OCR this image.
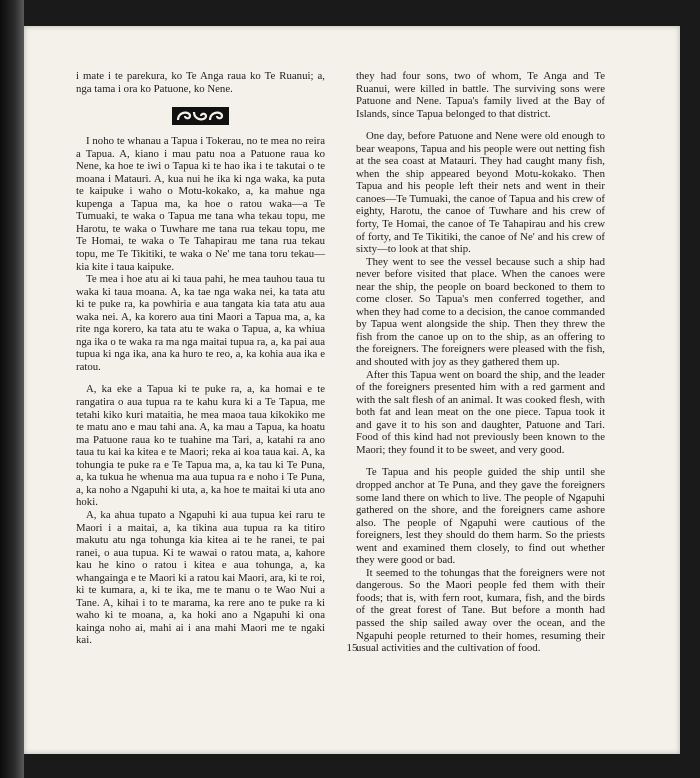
i mate i te parekura, ko Te Anga raua ko Te Ruanui; a, nga tama i ora ko Patuone, ko Nene.

I noho te whanau a Tapua i Tokerau, no te mea no reira a Tapua. A, kiano i mau patu noa a Patuone raua ko Nene, ka hoe te iwi o Tapua ki te hao ika i te takutai o te moana i Matauri. A, kua nui he ika ki nga waka, ka puta te kaipuke i waho o Motu-kokako, a, ka mahue nga kupenga a Tapua ma, ka hoe o ratou waka—a Te Tumuaki, te waka o Tapua me tana wha tekau topu, me Harotu, te waka o Tuwhare me tana rua tekau topu, me Te Homai, te waka o Te Tahapirau me tana rua tekau topu, me Te Tikitiki, te waka o Ne' me tana toru tekau—kia kite i taua kaipuke.

Te mea i hoe atu ai ki taua pahi, he mea tauhou taua tu waka ki taua moana. A, ka tae nga waka nei, ka tata atu ki te puke ra, ka powhiria e aua tangata kia tata atu aua waka nei. A, ka korero aua tini Maori a Tapua ma, a, ka rite nga korero, ka tata atu te waka o Tapua, a, ka whiua nga ika o te waka ra ma nga maitai tupua ra, a, ka pai aua tupua ki nga ika, ana ka huro te reo, a, ka kohia aua ika e ratou.

A, ka eke a Tapua ki te puke ra, a, ka homai e te rangatira o aua tupua ra te kahu kura ki a Te Tapua, me tetahi kiko kuri mataitia, he mea maoa taua kikokiko me te matu ano e mau tahi ana. A, ka mau a Tapua, ka hoatu ma Patuone raua ko te tuahine ma Tari, a, katahi ra ano taua tu kai ka kitea e te Maori; reka ai koa taua kai. A, ka tohungia te puke ra e Te Tapua ma, a, ka tau ki Te Puna, a, ka tukua he whenua ma aua tupua ra e noho i Te Puna, a, ka noho a Ngapuhi ki uta, a, ka hoe te maitai ki uta ano hoki.

A, ka ahua tupato a Ngapuhi ki aua tupua kei raru te Maori i a maitai, a, ka tikina aua tupua ra ka titiro makutu atu nga tohunga kia kitea ai te he ranei, te pai ranei, o aua tupua. Ki te wawai o ratou mata, a, kahore kau he kino o ratou i kitea e aua tohunga, a, ka whangainga e te Maori ki a ratou kai Maori, ara, ki te roi, ki te kumara, a, ki te ika, me te manu o te Wao Nui a Tane. A, kihai i to te marama, ka rere ano te puke ra ki waho ki te moana, a, ka hoki ano a Ngapuhi ki ona kainga noho ai, mahi ai i ana mahi Maori me te ngaki kai.

they had four sons, two of whom, Te Anga and Te Ruanui, were killed in battle. The surviving sons were Patuone and Nene. Tapua's family lived at the Bay of Islands, since Tapua belonged to that district.

One day, before Patuone and Nene were old enough to bear weapons, Tapua and his people were out netting fish at the sea coast at Matauri. They had caught many fish, when the ship appeared beyond Motu-kokako. Then Tapua and his people left their nets and went in their canoes—Te Tumuaki, the canoe of Tapua and his crew of eighty, Harotu, the canoe of Tuwhare and his crew of forty, Te Homai, the canoe of Te Tahapirau and his crew of forty, and Te Tikitiki, the canoe of Ne' and his crew of sixty—to look at that ship.

They went to see the vessel because such a ship had never before visited that place. When the canoes were near the ship, the people on board beckoned to them to come closer. So Tapua's men conferred together, and when they had come to a decision, the canoe commanded by Tapua went alongside the ship. Then they threw the fish from the canoe up on to the ship, as an offering to the foreigners. The foreigners were pleased with the fish, and shouted with joy as they gathered them up.

After this Tapua went on board the ship, and the leader of the foreigners presented him with a red garment and with the salt flesh of an animal. It was cooked flesh, with both fat and lean meat on the one piece. Tapua took it and gave it to his son and daughter, Patuone and Tari. Food of this kind had not previously been known to the Maori; they found it to be sweet, and very good.

Te Tapua and his people guided the ship until she dropped anchor at Te Puna, and they gave the foreigners some land there on which to live. The people of Ngapuhi gathered on the shore, and the foreigners came ashore also. The people of Ngapuhi were cautious of the foreigners, lest they should do them harm. So the priests went and examined them closely, to find out whether they were good or bad.

It seemed to the tohungas that the foreigners were not dangerous. So the Maori people fed them with their foods; that is, with fern root, kumara, fish, and the birds of the great forest of Tane. But before a month had passed the ship sailed away over the ocean, and the Ngapuhi people returned to their homes, resuming their usual activities and the cultivation of food.

15
